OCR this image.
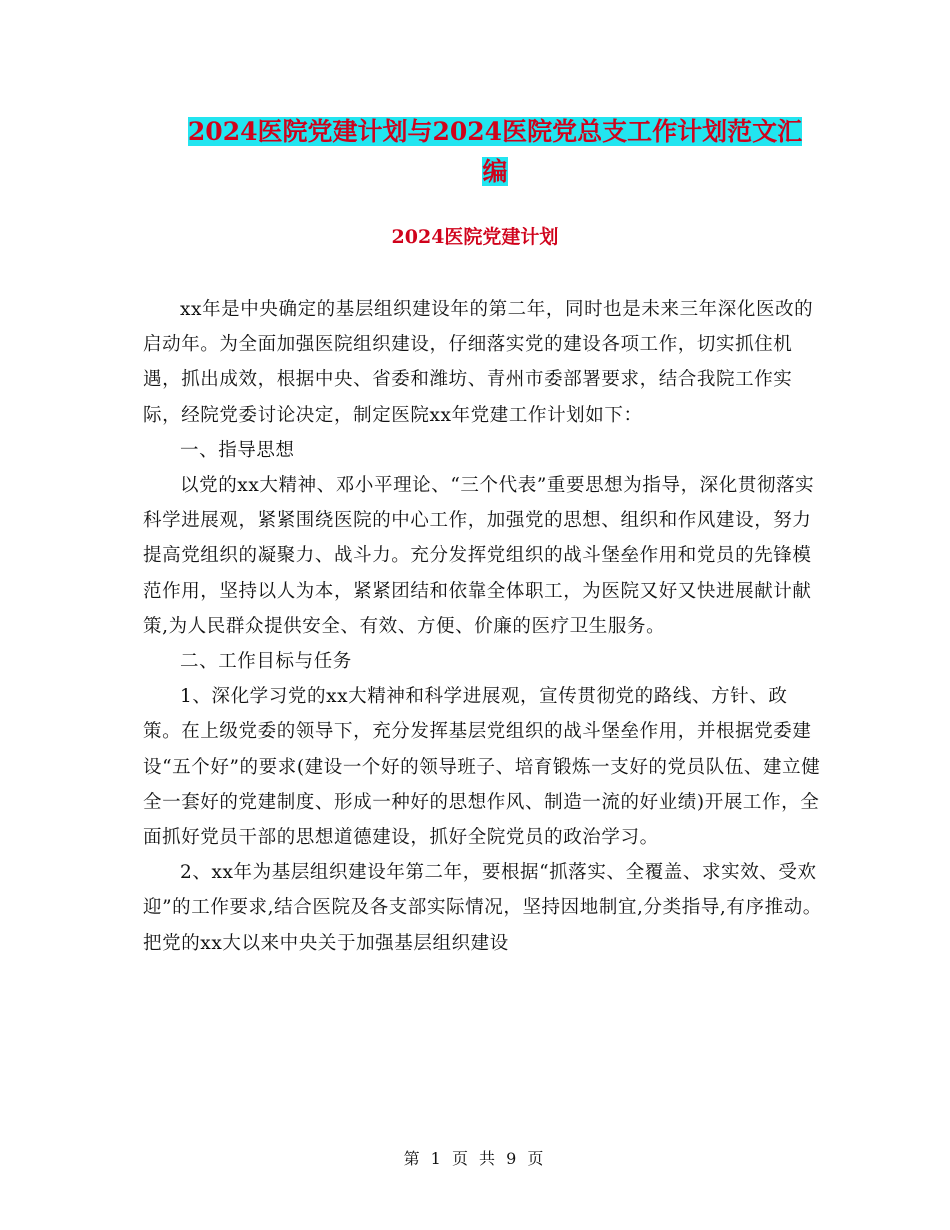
2024医院党建计划与2024医院党总支工作计划范文汇
编
2024医院党建计划

xx年是中央确定的基层组织建设年的第二年，同时也是未来三年深化医改的启动年。为全面加强医院组织建设，仔细落实党的建设各项工作，切实抓住机遇，抓出成效，根据中央、省委和潍坊、青州市委部署要求，结合我院工作实际，经院党委讨论决定，制定医院xx年党建工作计划如下：

一、指导思想

以党的xx大精神、邓小平理论、“三个代表”重要思想为指导，深化贯彻落实科学进展观，紧紧围绕医院的中心工作，加强党的思想、组织和作风建设，努力提高党组织的凝聚力、战斗力。充分发挥党组织的战斗堡垒作用和党员的先锋模范作用，坚持以人为本，紧紧团结和依靠全体职工，为医院又好又快进展献计献策,为人民群众提供安全、有效、方便、价廉的医疗卫生服务。

二、工作目标与任务

1、深化学习党的xx大精神和科学进展观，宣传贯彻党的路线、方针、政策。在上级党委的领导下，充分发挥基层党组织的战斗堡垒作用，并根据党委建设“五个好”的要求(建设一个好的领导班子、培育锻炼一支好的党员队伍、建立健全一套好的党建制度、形成一种好的思想作风、制造一流的好业绩)开展工作，全面抓好党员干部的思想道德建设，抓好全院党员的政治学习。

2、xx年为基层组织建设年第二年，要根据“抓落实、全覆盖、求实效、受欢迎”的工作要求,结合医院及各支部实际情况，坚持因地制宜,分类指导,有序推动。把党的xx大以来中央关于加强基层组织建设

第 1 页 共 9 页
